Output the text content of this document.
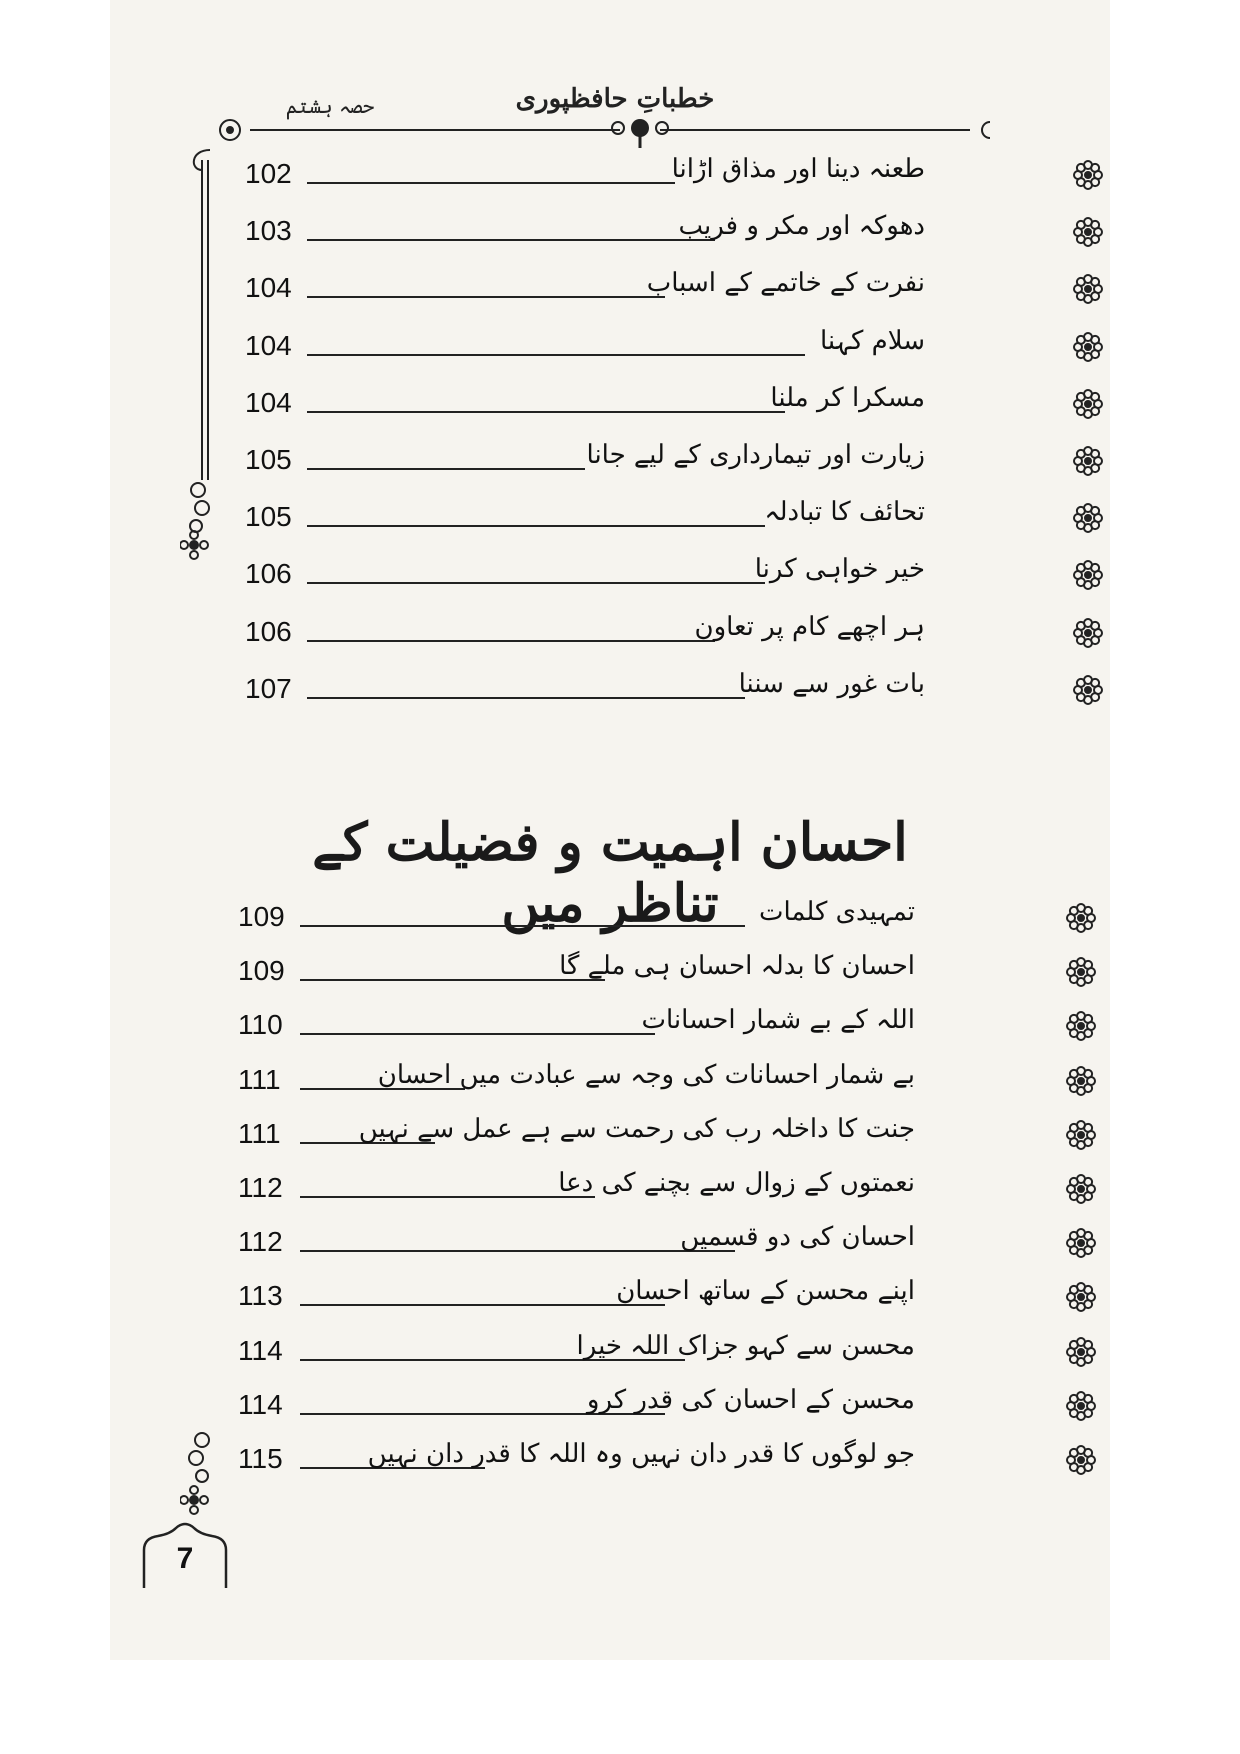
حصہ ہشتم	خطباتِ حافظپوری
7
احسان اہمیت و فضیلت کے تناظر میں
102	طعنہ دینا اور مذاق اڑانا
103	دھوکہ اور مکر و فریب
104	نفرت کے خاتمے کے اسباب
104	سلام کہنا
104	مسکرا کر ملنا
105	زیارت اور تیمارداری کے لیے جانا
105	تحائف کا تبادلہ
106	خیر خواہی کرنا
106	ہر اچھے کام پر تعاون
107	بات غور سے سننا
109	تمہیدی کلمات
109	احسان کا بدلہ احسان ہی ملے گا
110	اللہ کے بے شمار احسانات
111	بے شمار احسانات کی وجہ سے عبادت میں احسان
111	جنت کا داخلہ رب کی رحمت سے ہے عمل سے نہیں
112	نعمتوں کے زوال سے بچنے کی دعا
112	احسان کی دو قسمیں
113	اپنے محسن کے ساتھ احسان
114	محسن سے کہو جزاک اللہ خیرا
114	محسن کے احسان کی قدر کرو
115	جو لوگوں کا قدر دان نہیں وہ اللہ کا قدر دان نہیں
